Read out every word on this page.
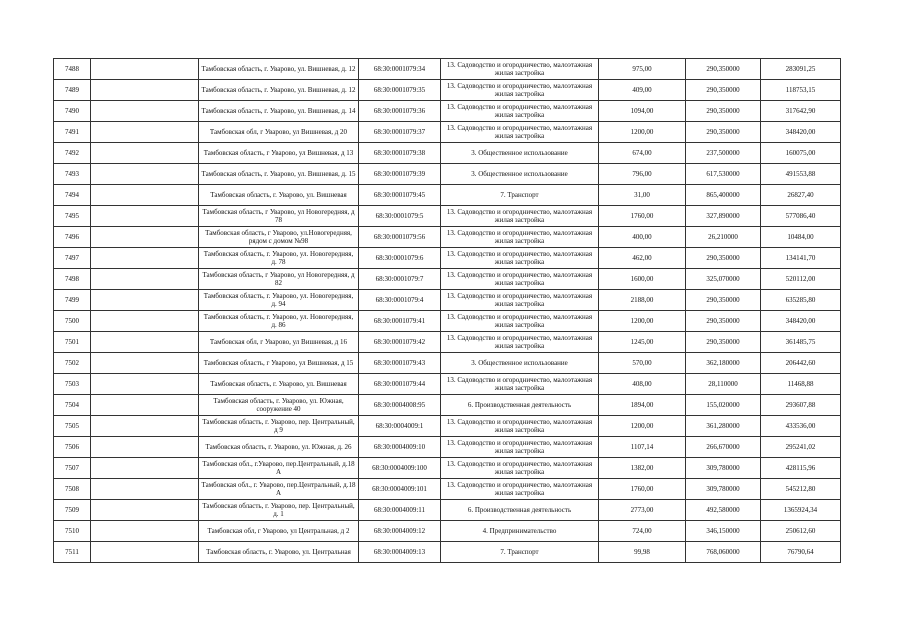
7488		Тамбовская область, г. Уварово, ул. Вишневая, д. 12	68:30:0001079:34	13. Садоводство и огородничество, малоэтажная жилая застройка	975,00	290,350000	283091,25
7489		Тамбовская область, г. Уварово, ул. Вишневая, д. 12	68:30:0001079:35	13. Садоводство и огородничество, малоэтажная жилая застройка	409,00	290,350000	118753,15
7490		Тамбовская область, г. Уварово, ул. Вишневая, д. 14	68:30:0001079:36	13. Садоводство и огородничество, малоэтажная жилая застройка	1094,00	290,350000	317642,90
7491		Тамбовская обл, г Уварово, ул Вишневая, д 20	68:30:0001079:37	13. Садоводство и огородничество, малоэтажная жилая застройка	1200,00	290,350000	348420,00
7492		Тамбовская область, г Уварово, ул Вишневая, д 13	68:30:0001079:38	3. Общественное использование	674,00	237,500000	160075,00
7493		Тамбовская область, г. Уварово, ул. Вишневая, д. 15	68:30:0001079:39	3. Общественное использование	796,00	617,530000	491553,88
7494		Тамбовская область, г. Уварово, ул. Вишневая	68:30:0001079:45	7. Транспорт	31,00	865,400000	26827,40
7495		Тамбовская область, г Уварово, ул Новогередняя, д 78	68:30:0001079:5	13. Садоводство и огородничество, малоэтажная жилая застройка	1760,00	327,890000	577086,40
7496		Тамбовская область, г Уварово, ул.Новогередняя, рядом с домом №98	68:30:0001079:56	13. Садоводство и огородничество, малоэтажная жилая застройка	400,00	26,210000	10484,00
7497		Тамбовская область, г. Уварово, ул. Новогередняя, д. 78	68:30:0001079:6	13. Садоводство и огородничество, малоэтажная жилая застройка	462,00	290,350000	134141,70
7498		Тамбовская область, г Уварово, ул Новогередняя, д 82	68:30:0001079:7	13. Садоводство и огородничество, малоэтажная жилая застройка	1600,00	325,070000	520112,00
7499		Тамбовская область, г. Уварово, ул. Новогередняя, д. 94	68:30:0001079:4	13. Садоводство и огородничество, малоэтажная жилая застройка	2188,00	290,350000	635285,80
7500		Тамбовская область, г. Уварово, ул. Новогередняя, д. 86	68:30:0001079:41	13. Садоводство и огородничество, малоэтажная жилая застройка	1200,00	290,350000	348420,00
7501		Тамбовская обл, г Уварово, ул Вишневая, д 16	68:30:0001079:42	13. Садоводство и огородничество, малоэтажная жилая застройка	1245,00	290,350000	361485,75
7502		Тамбовская область, г Уварово, ул Вишневая, д 15	68:30:0001079:43	3. Общественное использование	570,00	362,180000	206442,60
7503		Тамбовская область, г. Уварово, ул. Вишневая	68:30:0001079:44	13. Садоводство и огородничество, малоэтажная жилая застройка	408,00	28,110000	11468,88
7504		Тамбовская область, г. Уварово, ул. Южная, сооружение 40	68:30:0004008:95	6. Производственная деятельность	1894,00	155,020000	293607,88
7505		Тамбовская область, г. Уварово, пер. Центральный, д 9	68:30:0004009:1	13. Садоводство и огородничество, малоэтажная жилая застройка	1200,00	361,280000	433536,00
7506		Тамбовская область, г. Уварово, ул. Южная, д. 26	68:30:0004009:10	13. Садоводство и огородничество, малоэтажная жилая застройка	1107,14	266,670000	295241,02
7507		Тамбовская обл., г.Уварово, пер.Центральный, д.18 А	68:30:0004009:100	13. Садоводство и огородничество, малоэтажная жилая застройка	1382,00	309,780000	428115,96
7508		Тамбовская обл., г. Уварово, пер.Центральный, д.18 А	68:30:0004009:101	13. Садоводство и огородничество, малоэтажная жилая застройка	1760,00	309,780000	545212,80
7509		Тамбовская область, г. Уварово, пер. Центральный, д. 1	68:30:0004009:11	6. Производственная деятельность	2773,00	492,580000	1365924,34
7510		Тамбовская обл, г Уварово, ул Центральная, д 2	68:30:0004009:12	4. Предпринимательство	724,00	346,150000	250612,60
7511		Тамбовская область, г. Уварово, ул. Центральная	68:30:0004009:13	7. Транспорт	99,98	768,060000	76790,64
